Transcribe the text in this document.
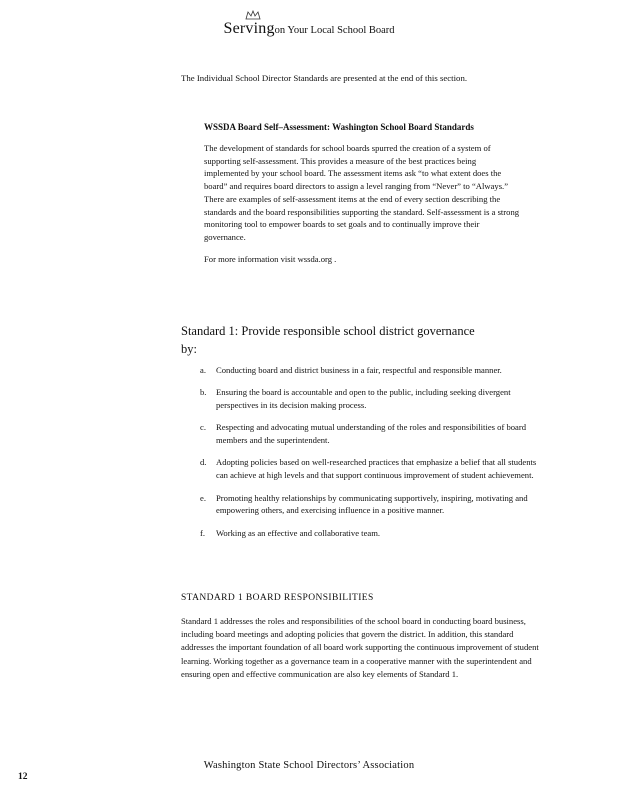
Servingon Your Local School Board
The Individual School Director Standards are presented at the end of this section.

WSSDA Board Self–Assessment: Washington School Board Standards

The development of standards for school boards spurred the creation of a system of supporting self-assessment. This provides a measure of the best practices being implemented by your school board. The assessment items ask “to what extent does the board” and requires board directors to assign a level ranging from “Never” to “Always.” There are examples of self-assessment items at the end of every section describing the standards and the board responsibilities supporting the standard. Self-assessment is a strong monitoring tool to empower boards to set goals and to continually improve their governance.

For more information visit wssda.org .
Standard 1: Provide responsible school district governance by:
a.	Conducting board and district business in a fair, respectful and responsible manner.
b.	Ensuring the board is accountable and open to the public, including seeking divergent perspectives in its decision making process.
c.	Respecting and advocating mutual understanding of the roles and responsibilities of board members and the superintendent.
d.	Adopting policies based on well-researched practices that emphasize a belief that all students can achieve at high levels and that support continuous improvement of student achievement.
e.	Promoting healthy relationships by communicating supportively, inspiring, motivating and empowering others, and exercising influence in a positive manner.
f.	Working as an effective and collaborative team.
STANDARD 1 BOARD RESPONSIBILITIES
Standard 1 addresses the roles and responsibilities of the school board in conducting board business, including board meetings and adopting policies that govern the district. In addition, this standard addresses the important foundation of all board work supporting the continuous improvement of student learning. Working together as a governance team in a cooperative manner with the superintendent and ensuring open and effective communication are also key elements of Standard 1.
Washington State School Directors’ Association
12
